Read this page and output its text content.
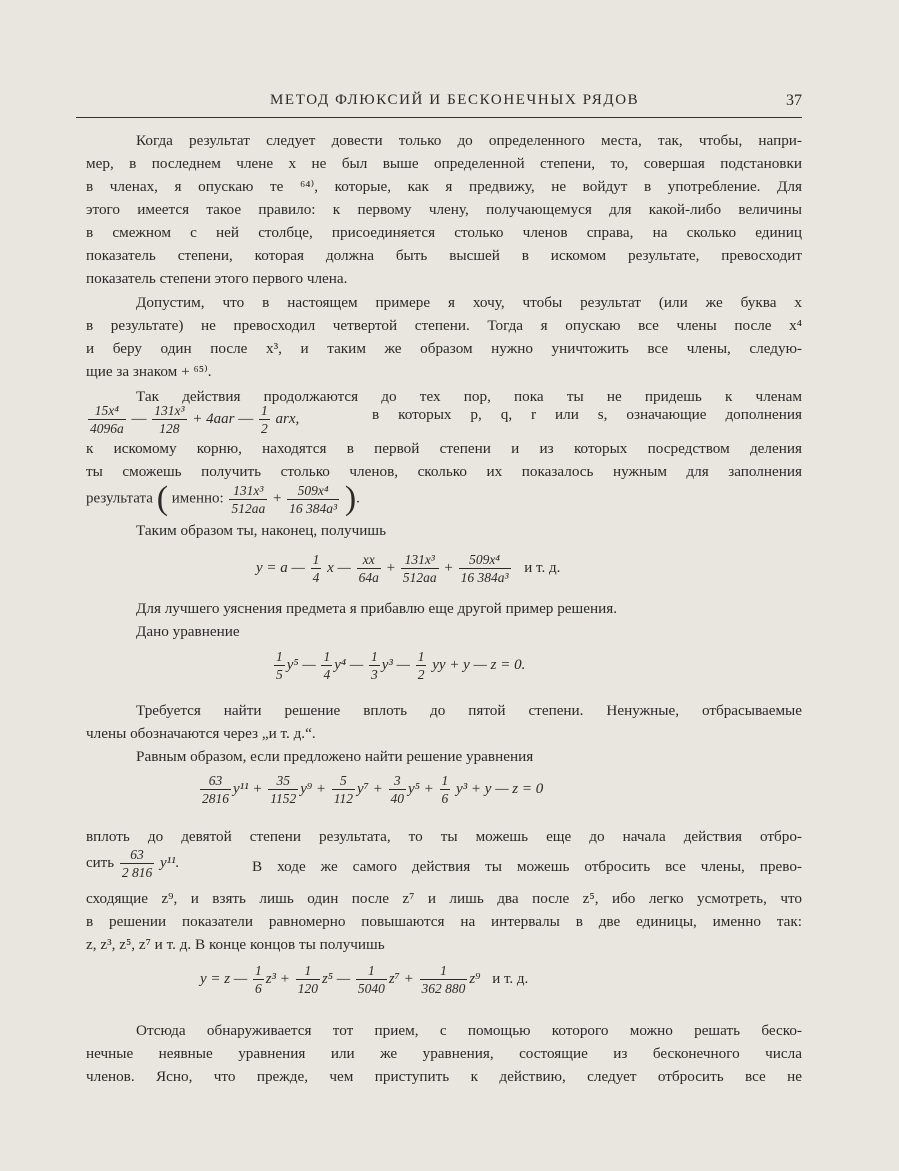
МЕТОД ФЛЮКСИЙ И БЕСКОНЕЧНЫХ РЯДОВ	37

Когда результат следует довести только до определенного места, так, чтобы, напри-

мер, в последнем члене x не был выше определенной степени, то, совершая подстановки

в членах, я опускаю те ⁶⁴⁾, которые, как я предвижу, не войдут в употребление. Для

этого имеется такое правило: к первому члену, получающемуся для какой-либо величины

в смежном с ней столбце, присоединяется столько членов справа, на сколько единиц

показатель степени, которая должна быть высшей в искомом результате, превосходит

показатель степени этого первого члена.

Допустим, что в настоящем примере я хочу, чтобы результат (или же буква x

в результате) не превосходил четвертой степени. Тогда я опускаю все члены после x⁴

и беру один после x³, и таким же образом нужно уничтожить все члены, следую-

щие за знаком + ⁶⁵⁾.

Так действия продолжаются до тех пор, пока ты не придешь к членам

$\frac{\text{15x⁴}}{4096a}$ — $\frac{\text{131x³}}{128} + 4aar$ — $\frac{1}{2}$ arx,	в которых p, q, r или s, означающие дополнения

к искомому корню, находятся в первой степени и из которых посредством деления

ты сможешь получить столько членов, сколько их показалось нужным для заполнения

результата ( именно: $\frac{\text{131x³}}{512aa} + \frac{\text{509x⁴}}{\text{16 384a³}}$ ).

Таким образом ты, наконец, получишь

y = a — $\frac{1}{4}$ x — $\frac{xx}{64a} + \frac{\text{131x³}}{512aa} + \frac{\text{509x⁴}}{\text{16 384a³}}$ и т. д.

Для лучшего уяснения предмета я прибавлю еще другой пример решения.

Дано уравнение

$\frac{1}{5} y^5$ — $\frac{1}{4} y^4$ — $\frac{1}{3} y^3$ — $\frac{1}{2}$ yy + y — z = 0.

Требуется найти решение вплоть до пятой степени. Ненужные, отбрасываемые

члены обозначаются через „и т. д.“.

Равным образом, если предложено найти решение уравнения

$\frac{63}{2816} y^{11} + \frac{35}{1152} y^9 + \frac{5}{112} y^7 + \frac{3}{40} y^5 + \frac{1}{6} y^3 + y$ — z = 0

вплоть до девятой степени результата, то ты можешь еще до начала действия отбро-

сить $\frac{63}{2 816} y^{11}$.	В ходе же самого действия ты можешь отбросить все члены, прево-

сходящие z⁹, и взять лишь один после z⁷ и лишь два после z⁵, ибо легко усмотреть, что

в решении показатели равномерно повышаются на интервалы в две единицы, именно так:

z, z³, z⁵, z⁷ и т. д. В конце концов ты получишь

y = z — $\frac{1}{6} z^3 + \frac{1}{120} z^5$ — $\frac{1}{5040} z^7 + \frac{1}{362 880} z^9$ и т. д.

Отсюда обнаруживается тот прием, с помощью которого можно решать беско-

нечные неявные уравнения или же уравнения, состоящие из бесконечного числа

членов. Ясно, что прежде, чем приступить к действию, следует отбросить все не
